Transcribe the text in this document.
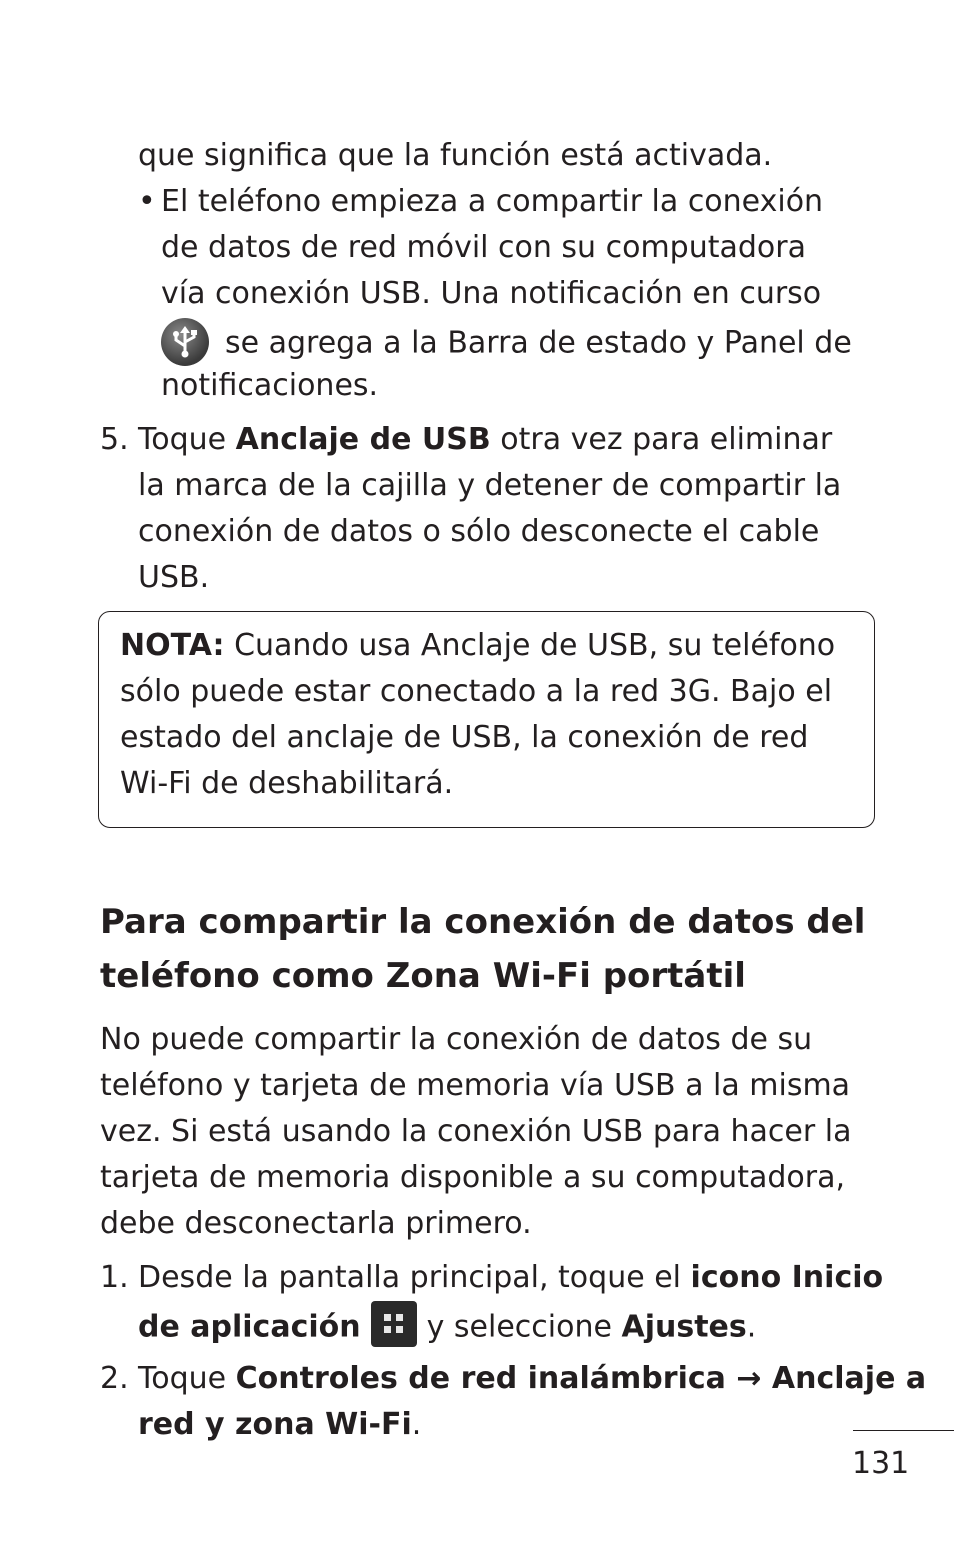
que significa que la función está activada.
• El teléfono empieza a compartir la conexión
de datos de red móvil con su computadora
vía conexión USB. Una notificación en curso
se agrega a la Barra de estado y Panel de
notificaciones.
5. Toque Anclaje de USB otra vez para eliminar
la marca de la cajilla y detener de compartir la
conexión de datos o sólo desconecte el cable
USB.
NOTA: Cuando usa Anclaje de USB, su teléfono
sólo puede estar conectado a la red 3G. Bajo el
estado del anclaje de USB, la conexión de red
Wi-Fi de deshabilitará.
Para compartir la conexión de datos del
teléfono como Zona Wi-Fi portátil
No puede compartir la conexión de datos de su
teléfono y tarjeta de memoria vía USB a la misma
vez. Si está usando la conexión USB para hacer la
tarjeta de memoria disponible a su computadora,
debe desconectarla primero.
1. Desde la pantalla principal, toque el icono Inicio
de aplicación y seleccione Ajustes.
2. Toque Controles de red inalámbrica → Anclaje a
red y zona Wi-Fi.
131
